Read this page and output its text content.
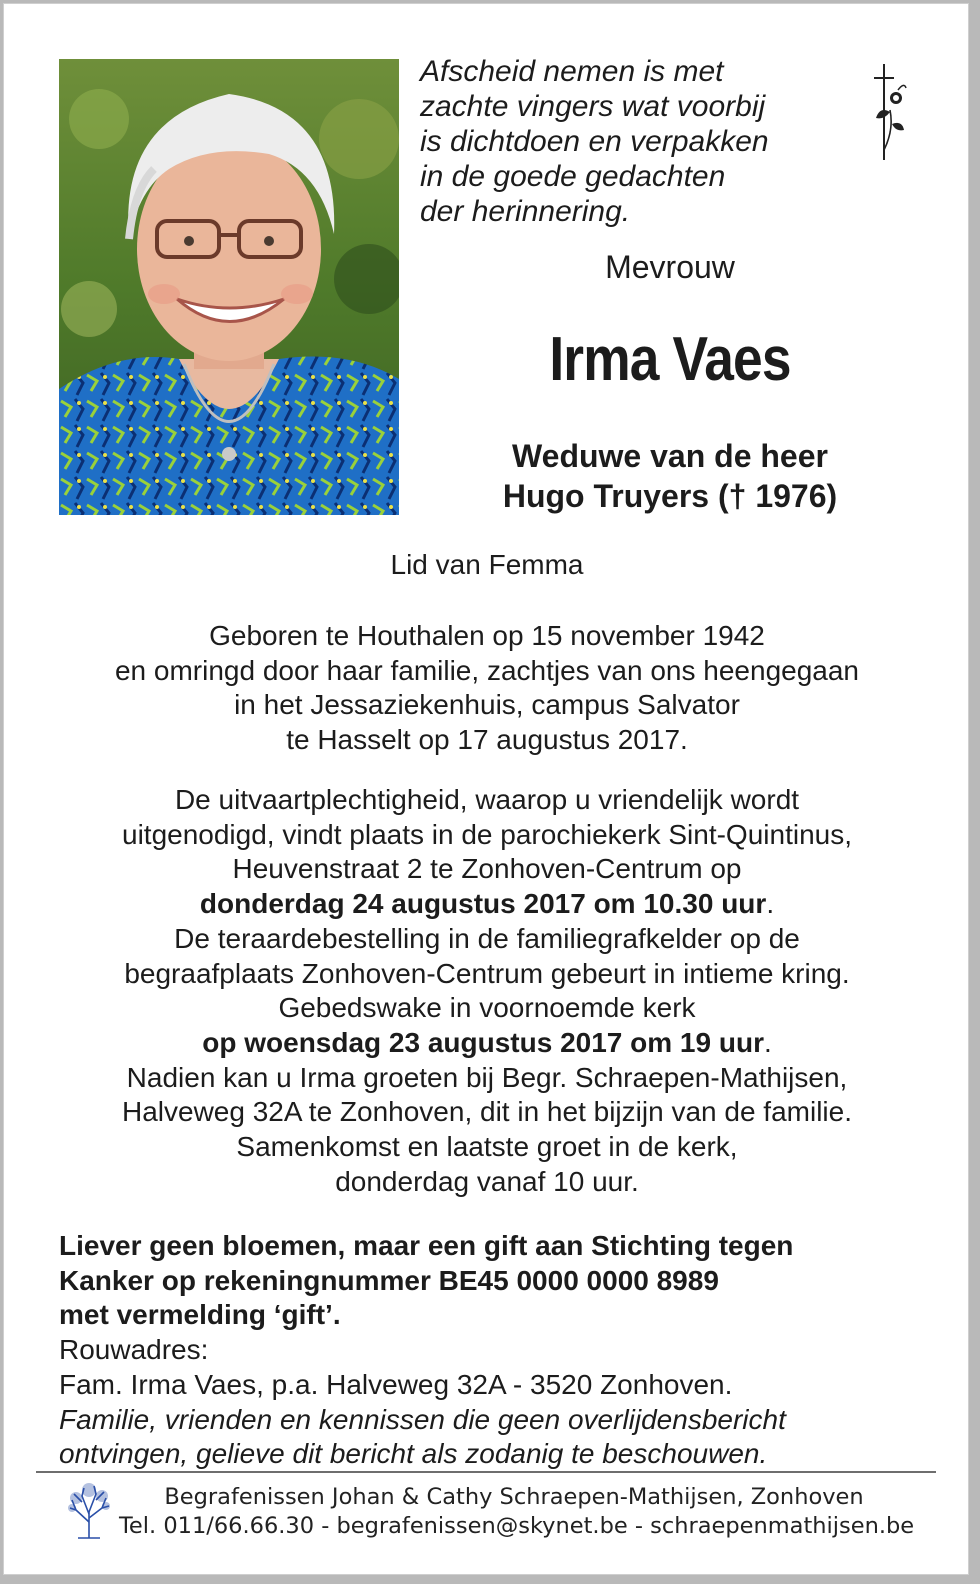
Afscheid nemen is met
zachte vingers wat voorbij
is dichtdoen en verpakken
in de goede gedachten
der herinnering.
Mevrouw
Irma Vaes
Weduwe van de heer
Hugo Truyers († 1976)
Lid van Femma
Geboren te Houthalen op 15 november 1942
en omringd door haar familie, zachtjes van ons heengegaan
in het Jessaziekenhuis, campus Salvator
te Hasselt op 17 augustus 2017.
De uitvaartplechtigheid, waarop u vriendelijk wordt
uitgenodigd, vindt plaats in de parochiekerk Sint-Quintinus,
Heuvenstraat 2 te Zonhoven-Centrum op
donderdag 24 augustus 2017 om 10.30 uur.
De teraardebestelling in de familiegrafkelder op de
begraafplaats Zonhoven-Centrum gebeurt in intieme kring.
Gebedswake in voornoemde kerk
op woensdag 23 augustus 2017 om 19 uur.
Nadien kan u Irma groeten bij Begr. Schraepen-Mathijsen,
Halveweg 32A te Zonhoven, dit in het bijzijn van de familie.
Samenkomst en laatste groet in de kerk,
donderdag vanaf 10 uur.
Liever geen bloemen, maar een gift aan Stichting tegen
Kanker op rekeningnummer BE45 0000 0000 8989
met vermelding ‘gift’.
Rouwadres:
Fam. Irma Vaes, p.a. Halveweg 32A - 3520 Zonhoven.
Familie, vrienden en kennissen die geen overlijdensbericht
ontvingen, gelieve dit bericht als zodanig te beschouwen.
Begrafenissen Johan & Cathy Schraepen-Mathijsen, Zonhoven
Tel. 011/66.66.30 - begrafenissen@skynet.be - schraepenmathijsen.be
